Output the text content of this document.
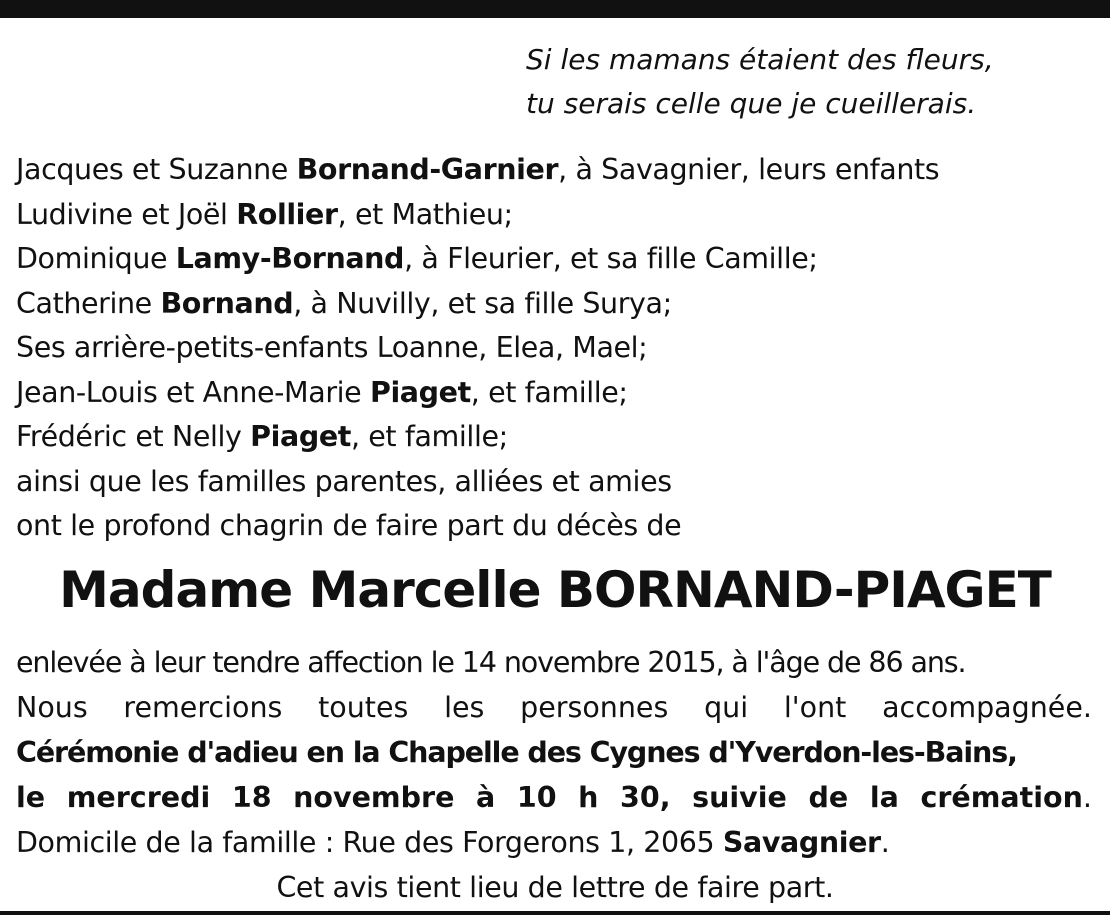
Si les mamans étaient des fleurs,
tu serais celle que je cueillerais.
Jacques et Suzanne Bornand-Garnier, à Savagnier, leurs enfants
Ludivine et Joël Rollier, et Mathieu;
Dominique Lamy-Bornand, à Fleurier, et sa fille Camille;
Catherine Bornand, à Nuvilly, et sa fille Surya;
Ses arrière-petits-enfants Loanne, Elea, Mael;
Jean-Louis et Anne-Marie Piaget, et famille;
Frédéric et Nelly Piaget, et famille;
ainsi que les familles parentes, alliées et amies
ont le profond chagrin de faire part du décès de
Madame Marcelle BORNAND-PIAGET
enlevée à leur tendre affection le 14 novembre 2015, à l'âge de 86 ans.
Nous remercions toutes les personnes qui l'ont accompagnée.
Cérémonie d'adieu en la Chapelle des Cygnes d'Yverdon-les-Bains,
le mercredi 18 novembre à 10 h 30, suivie de la crémation.
Domicile de la famille : Rue des Forgerons 1, 2065 Savagnier.
Cet avis tient lieu de lettre de faire part.
